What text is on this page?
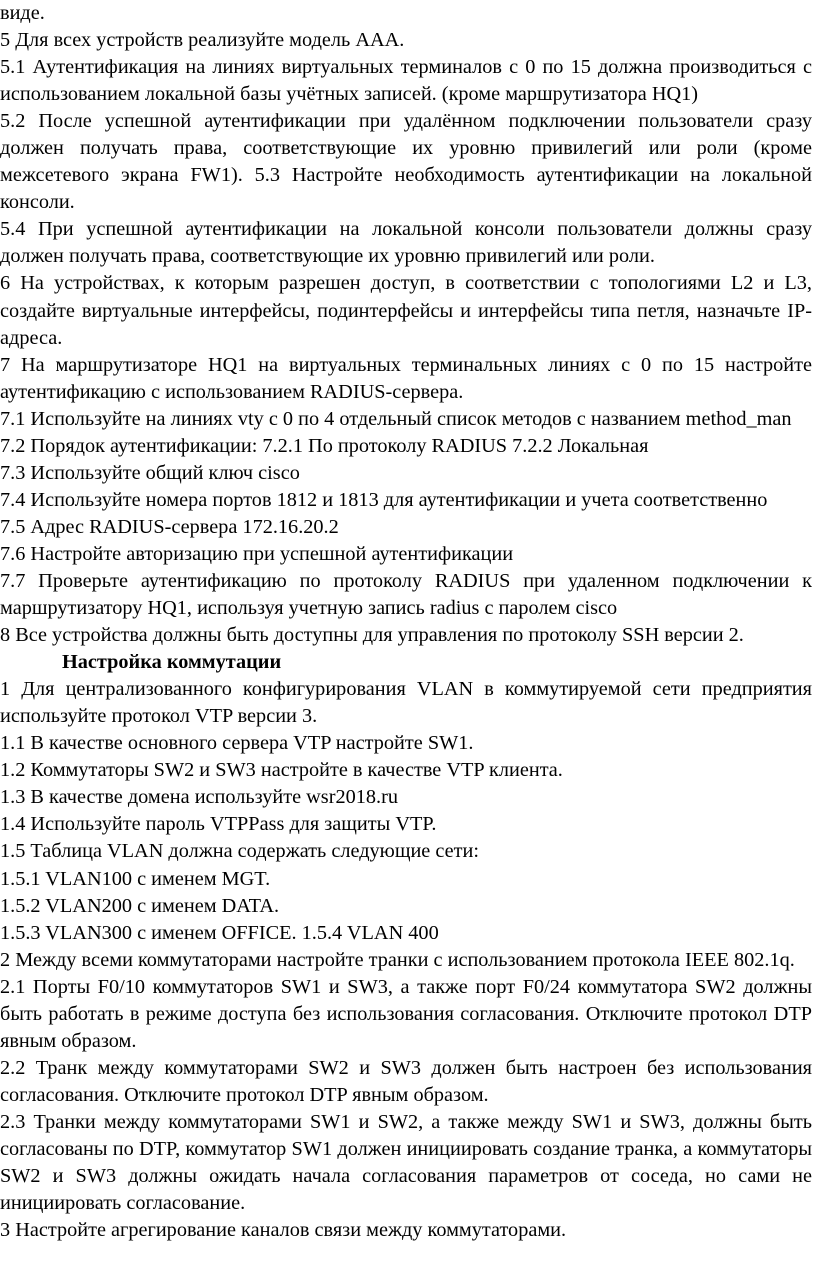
виде.

5 Для всех устройств реализуйте модель AAA.

5.1 Аутентификация на линиях виртуальных терминалов с 0 по 15 должна производиться с использованием локальной базы учётных записей. (кроме маршрутизатора HQ1)

5.2 После успешной аутентификации при удалённом подключении пользователи сразу должен получать права, соответствующие их уровню привилегий или роли (кроме межсетевого экрана FW1). 5.3 Настройте необходимость аутентификации на локальной консоли.

5.4 При успешной аутентификации на локальной консоли пользователи должны сразу должен получать права, соответствующие их уровню привилегий или роли.

6 На устройствах, к которым разрешен доступ, в соответствии с топологиями L2 и L3, создайте виртуальные интерфейсы, подинтерфейсы и интерфейсы типа петля, назначьте IP-адреса.

7 На маршрутизаторе HQ1 на виртуальных терминальных линиях с 0 по 15 настройте аутентификацию с использованием RADIUS-сервера.

7.1 Используйте на линиях vty с 0 по 4 отдельный список методов с названием method_man

7.2 Порядок аутентификации: 7.2.1 По протоколу RADIUS 7.2.2 Локальная

7.3 Используйте общий ключ cisco

7.4 Используйте номера портов 1812 и 1813 для аутентификации и учета соответственно

7.5 Адрес RADIUS-сервера 172.16.20.2

7.6 Настройте авторизацию при успешной аутентификации

7.7 Проверьте аутентификацию по протоколу RADIUS при удаленном подключении к маршрутизатору HQ1, используя учетную запись radius с паролем cisco

8 Все устройства должны быть доступны для управления по протоколу SSH версии 2.

Настройка коммутации

1 Для централизованного конфигурирования VLAN в коммутируемой сети предприятия используйте протокол VTP версии 3.

1.1 В качестве основного сервера VTP настройте SW1.

1.2 Коммутаторы SW2 и SW3 настройте в качестве VTP клиента.

1.3 В качестве домена используйте wsr2018.ru

1.4 Используйте пароль VTPPass для защиты VTP.

1.5 Таблица VLAN должна содержать следующие сети:

1.5.1 VLAN100 с именем MGT.

1.5.2 VLAN200 с именем DATA.

1.5.3 VLAN300 с именем OFFICE. 1.5.4 VLAN 400

2 Между всеми коммутаторами настройте транки с использованием протокола IEEE 802.1q.

2.1 Порты F0/10 коммутаторов SW1 и SW3, а также порт F0/24 коммутатора SW2 должны быть работать в режиме доступа без использования согласования. Отключите протокол DTP явным образом.

2.2 Транк между коммутаторами SW2 и SW3 должен быть настроен без использования согласования. Отключите протокол DTP явным образом.

2.3 Транки между коммутаторами SW1 и SW2, а также между SW1 и SW3, должны быть согласованы по DTP, коммутатор SW1 должен инициировать создание транка, а коммутаторы SW2 и SW3 должны ожидать начала согласования параметров от соседа, но сами не инициировать согласование.

3 Настройте агрегирование каналов связи между коммутаторами.
